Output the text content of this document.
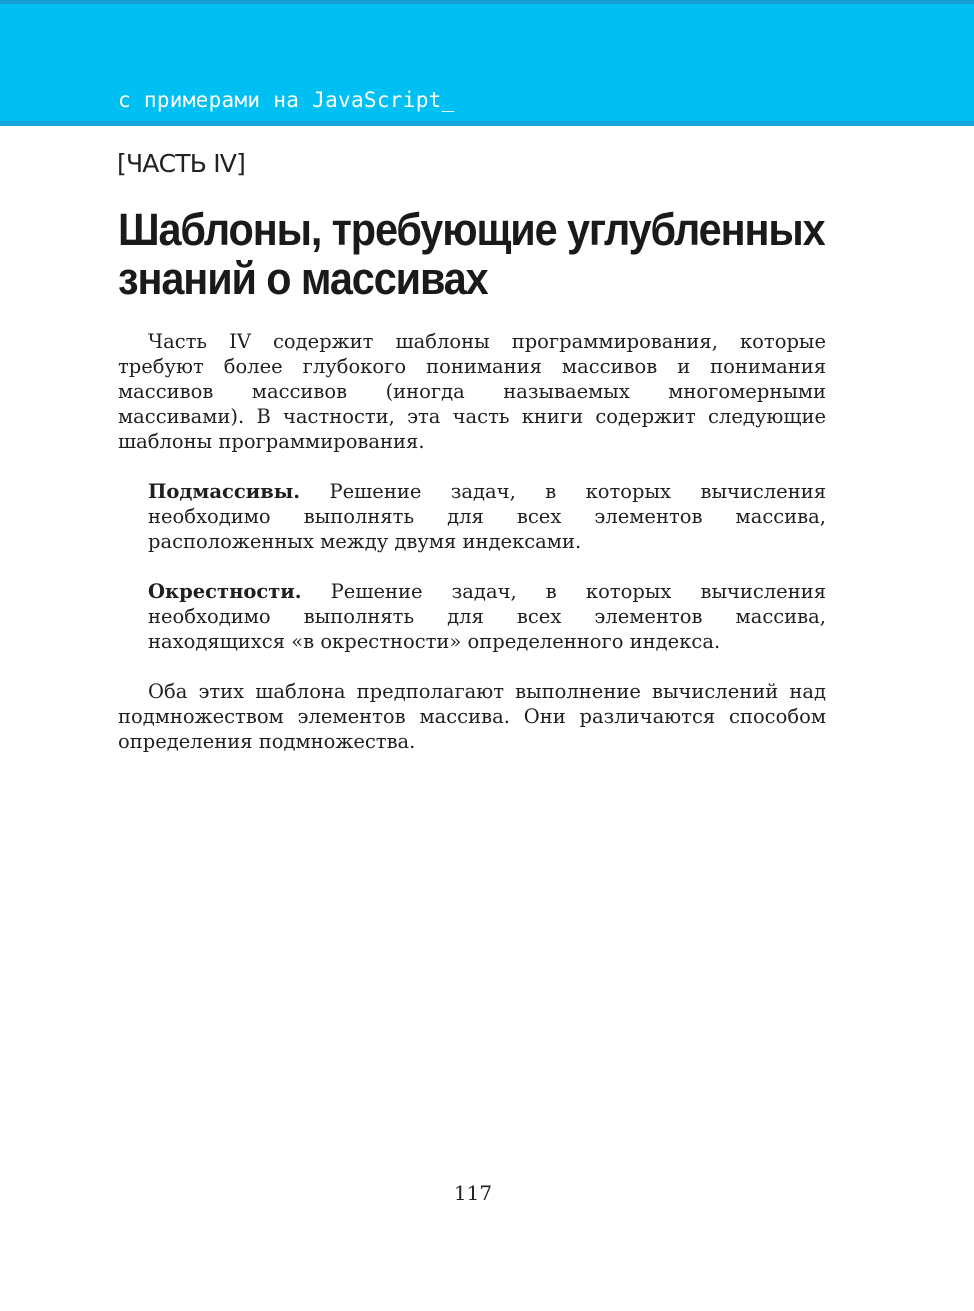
с примерами на JavaScript_
[ЧАСТЬ IV]
Шаблоны, требующие углубленных
знаний о массивах

Часть IV содержит шаблоны программирования, которые требуют более глубокого понимания массивов и понимания массивов массивов (иногда называемых многомерными массивами). В частности, эта часть книги содержит следующие шаблоны программирования.

Подмассивы. Решение задач, в которых вычисления необходимо выполнять для всех элементов массива, расположенных между двумя индексами.

Окрестности. Решение задач, в которых вычисления необходимо выполнять для всех элементов массива, находящихся «в окрестности» определенного индекса.

Оба этих шаблона предполагают выполнение вычислений над подмножеством элементов массива. Они различаются способом определения подмножества.

117
